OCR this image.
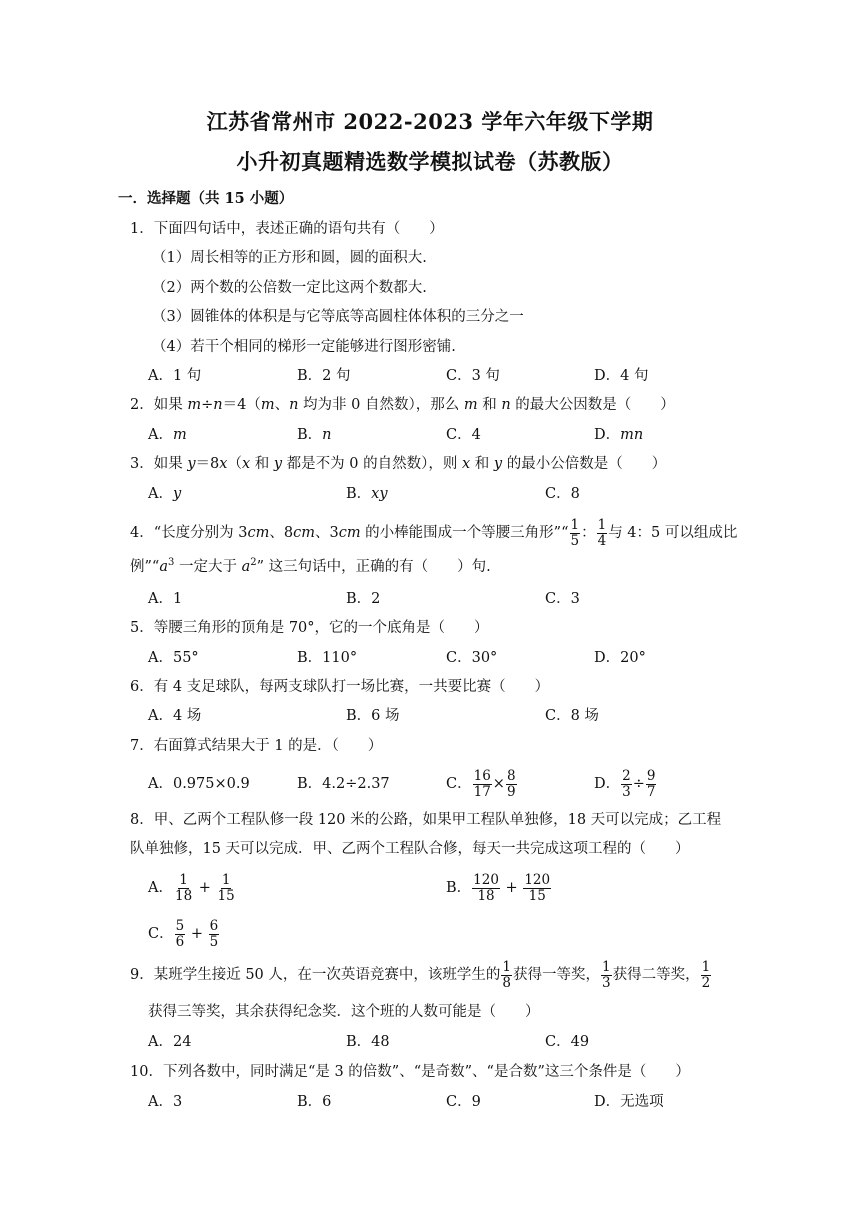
江苏省常州市 2022-2023 学年六年级下学期
小升初真题精选数学模拟试卷（苏教版）
一．选择题（共 15 小题）
1．下面四句话中，表述正确的语句共有（　　）
（1）周长相等的正方形和圆，圆的面积大.
（2）两个数的公倍数一定比这两个数都大.
（3）圆锥体的体积是与它等底等高圆柱体体积的三分之一
（4）若干个相同的梯形一定能够进行图形密铺.
A．1 句	B．2 句	C．3 句	D．4 句
2．如果 m÷n＝4（m、n 均为非 0 自然数），那么 m 和 n 的最大公因数是（　　）
A．m	B．n	C．4	D．mn
3．如果 y＝8x（x 和 y 都是不为 0 的自然数），则 x 和 y 的最小公倍数是（　　）
A．y	B．xy	C．8
4．“长度分别为 3cm、8cm、3cm 的小棒能围成一个等腰三角形”“ $\frac{1}{5}$ ： $\frac{1}{4}$ 与 4：5 可以组成比
例$”“a^3$ 一定大于 $a^2$” 这三句话中，正确的有（　　）句.
A．1	B．2	C．3
5．等腰三角形的顶角是 70°，它的一个底角是（　　）
A．55°	B．110°	C．30°	D．20°
6．有 4 支足球队，每两支球队打一场比赛，一共要比赛（　　）
A．4 场	B．6 场	C．8 场
7．右面算式结果大于 1 的是．（　　）
A．0.975×0.9	B．4.2÷2.37	C． $\frac{16}{17} \times \frac{8}{9}$	D． $\frac{2}{3} \div \frac{9}{7}$
8．甲、乙两个工程队修一段 120 米的公路，如果甲工程队单独修，18 天可以完成；乙工程
队单独修，15 天可以完成．甲、乙两个工程队合修，每天一共完成这项工程的（　　）
A． $\frac{1}{18} + \frac{1}{15}$	B． $\frac{120}{18} + \frac{120}{15}$
C． $\frac{5}{6} + \frac{6}{5}$
9．某班学生接近 50 人，在一次英语竞赛中，该班学生的 $\frac{1}{8}$ 获得一等奖， $\frac{1}{3}$ 获得二等奖， $\frac{1}{2}$
获得三等奖，其余获得纪念奖．这个班的人数可能是（　　）
A．24	B．48	C．49
10．下列各数中，同时满足“是 3 的倍数”、“是奇数”、“是合数”这三个条件是（　　）
A．3	B．6	C．9	D．无选项
